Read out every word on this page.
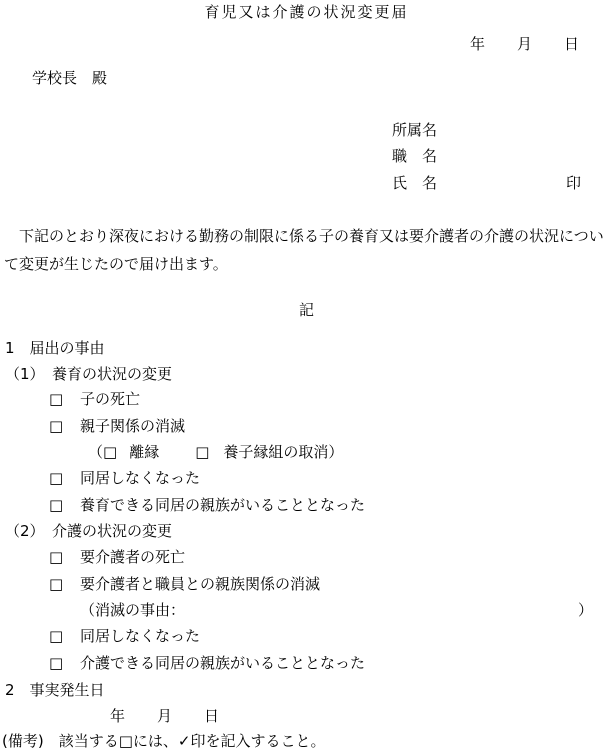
育児又は介護の状況変更届
年 月 日
学校長　殿
所属名
職　名
氏　名	印
下記のとおり深夜における勤務の制限に係る子の養育又は要介護者の介護の状況について変更が生じたので届け出ます。
記
1　届出の事由
（1）　養育の状況の変更
□ 子の死亡
□ 親子関係の消滅
（□ 離縁 □ 養子縁組の取消）
□ 同居しなくなった
□ 養育できる同居の親族がいることとなった
（2）　介護の状況の変更
□ 要介護者の死亡
□ 要介護者と職員との親族関係の消滅
（消滅の事由：	）
□ 同居しなくなった
□ 介護できる同居の親族がいることとなった
2　事実発生日
年 月 日
(備考)　該当する□には、✓印を記入すること。
